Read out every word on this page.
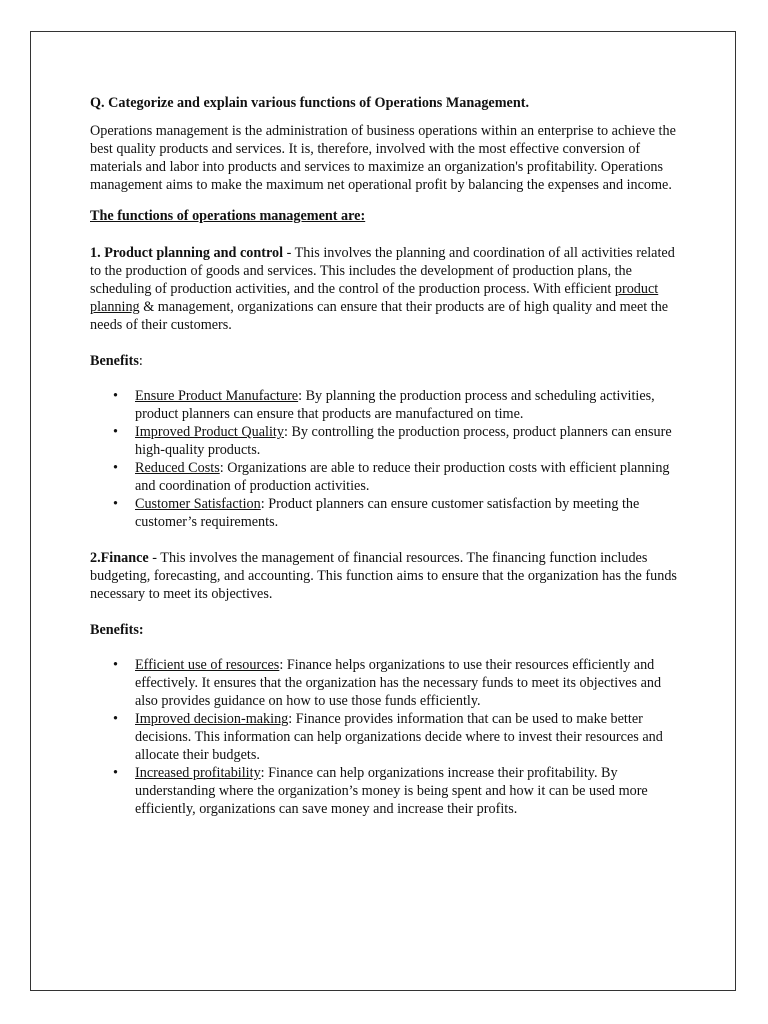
Q. Categorize and explain various functions of Operations Management.

Operations management is the administration of business operations within an enterprise to achieve the best quality products and services. It is, therefore, involved with the most effective conversion of materials and labor into products and services to maximize an organization's profitability. Operations management aims to make the maximum net operational profit by balancing the expenses and income.

The functions of operations management are:

1. Product planning and control - This involves the planning and coordination of all activities related to the production of goods and services. This includes the development of production plans, the scheduling of production activities, and the control of the production process. With efficient product planning & management, organizations can ensure that their products are of high quality and meet the needs of their customers.

Benefits:

• Ensure Product Manufacture: By planning the production process and scheduling activities, product planners can ensure that products are manufactured on time.
• Improved Product Quality: By controlling the production process, product planners can ensure high-quality products.
• Reduced Costs: Organizations are able to reduce their production costs with efficient planning and coordination of production activities.
• Customer Satisfaction: Product planners can ensure customer satisfaction by meeting the customer’s requirements.

2.Finance - This involves the management of financial resources. The financing function includes budgeting, forecasting, and accounting. This function aims to ensure that the organization has the funds necessary to meet its objectives.

Benefits:

• Efficient use of resources: Finance helps organizations to use their resources efficiently and effectively. It ensures that the organization has the necessary funds to meet its objectives and also provides guidance on how to use those funds efficiently.
• Improved decision-making: Finance provides information that can be used to make better decisions. This information can help organizations decide where to invest their resources and allocate their budgets.
• Increased profitability: Finance can help organizations increase their profitability. By understanding where the organization’s money is being spent and how it can be used more efficiently, organizations can save money and increase their profits.
